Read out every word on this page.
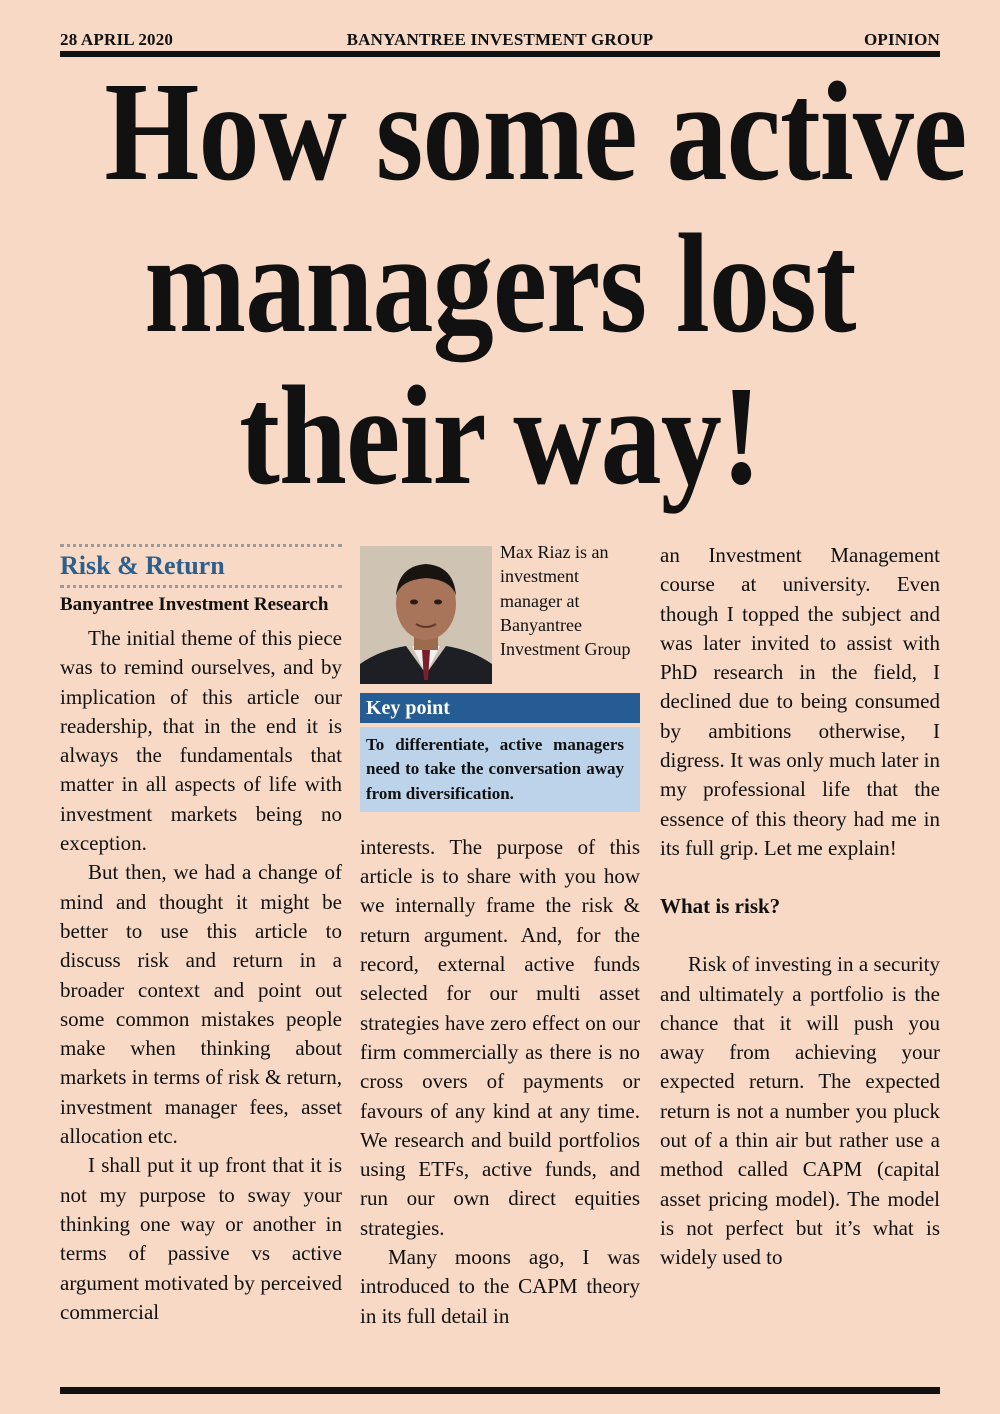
28 APRIL 2020	BANYANTREE INVESTMENT GROUP	OPINION
How some active
managers lost
their way!
Risk & Return
Banyantree Investment Research

The initial theme of this piece was to remind ourselves, and by implication of this article our readership, that in the end it is always the fundamentals that matter in all aspects of life with investment markets being no exception.

But then, we had a change of mind and thought it might be better to use this article to discuss risk and return in a broader context and point out some common mistakes people make when thinking about markets in terms of risk & return, investment manager fees, asset allocation etc.

I shall put it up front that it is not my purpose to sway your thinking one way or another in terms of passive vs active argument motivated by perceived commercial

Max Riaz is an investment manager at Banyantree Investment Group
Key point
To differentiate, active managers need to take the conversation away from diversification.

interests. The purpose of this article is to share with you how we internally frame the risk & return argument. And, for the record, external active funds selected for our multi asset strategies have zero effect on our firm commercially as there is no cross overs of payments or favours of any kind at any time. We research and build portfolios using ETFs, active funds, and run our own direct equities strategies.

Many moons ago, I was introduced to the CAPM theory in its full detail in

an Investment Management course at university. Even though I topped the subject and was later invited to assist with PhD research in the field, I declined due to being consumed by ambitions otherwise, I digress. It was only much later in my professional life that the essence of this theory had me in its full grip. Let me explain!

What is risk?

Risk of investing in a security and ultimately a portfolio is the chance that it will push you away from achieving your expected return. The expected return is not a number you pluck out of a thin air but rather use a method called CAPM (capital asset pricing model). The model is not perfect but it’s what is widely used to
